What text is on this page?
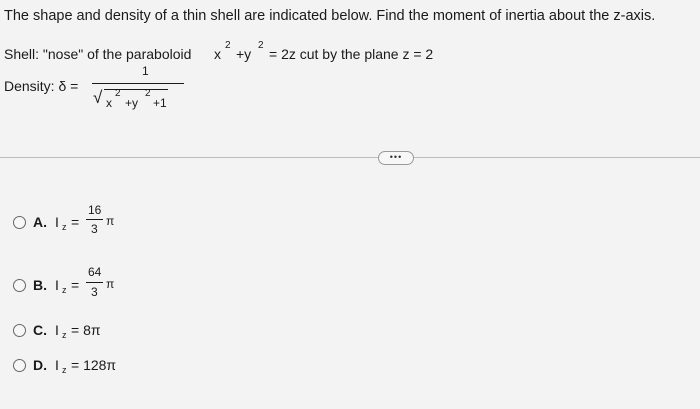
The shape and density of a thin shell are indicated below. Find the moment of inertia about the z-axis.
Shell: "nose" of the paraboloid x
2
+y
2
= 2z cut by the plane z = 2
Density: δ =
1
√ x
2
+y
2
+1
•••
A. I z =
16
3
π
B. I z =
64
3
π
C. I z = 8π
D. I z = 128π
